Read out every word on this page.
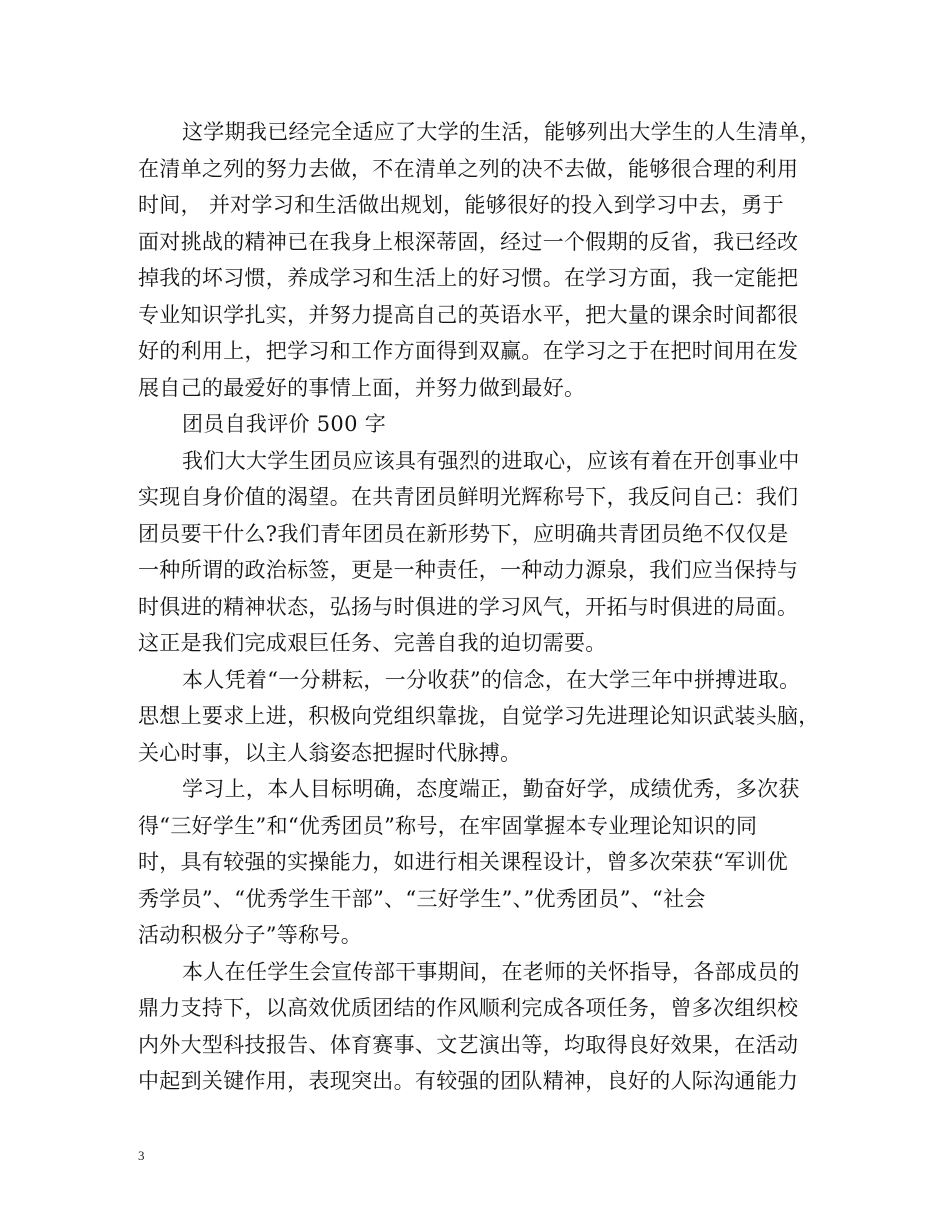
这学期我已经完全适应了大学的生活，能够列出大学生的人生清单，
在清单之列的努力去做，不在清单之列的决不去做，能够很合理的利用
时间， 并对学习和生活做出规划，能够很好的投入到学习中去，勇于
面对挑战的精神已在我身上根深蒂固，经过一个假期的反省，我已经改
掉我的坏习惯，养成学习和生活上的好习惯。在学习方面，我一定能把
专业知识学扎实，并努力提高自己的英语水平，把大量的课余时间都很
好的利用上，把学习和工作方面得到双赢。在学习之于在把时间用在发
展自己的最爱好的事情上面，并努力做到最好。
团员自我评价 500 字
我们大大学生团员应该具有强烈的进取心，应该有着在开创事业中
实现自身价值的渴望。在共青团员鲜明光辉称号下，我反问自己：我们
团员要干什么?我们青年团员在新形势下，应明确共青团员绝不仅仅是
一种所谓的政治标签，更是一种责任，一种动力源泉，我们应当保持与
时俱进的精神状态，弘扬与时俱进的学习风气，开拓与时俱进的局面。
这正是我们完成艰巨任务、完善自我的迫切需要。
本人凭着“一分耕耘，一分收获”的信念，在大学三年中拼搏进取。
思想上要求上进，积极向党组织靠拢，自觉学习先进理论知识武装头脑，
关心时事，以主人翁姿态把握时代脉搏。
学习上，本人目标明确，态度端正，勤奋好学，成绩优秀，多次获
得“三好学生”和“优秀团员”称号，在牢固掌握本专业理论知识的同
时，具有较强的实操能力，如进行相关课程设计，曾多次荣获“军训优
秀学员”、“优秀学生干部”、“三好学生”、”优秀团员”、“社会
活动积极分子”等称号。
本人在任学生会宣传部干事期间，在老师的关怀指导，各部成员的
鼎力支持下，以高效优质团结的作风顺利完成各项任务，曾多次组织校
内外大型科技报告、体育赛事、文艺演出等，均取得良好效果，在活动
中起到关键作用，表现突出。有较强的团队精神，良好的人际沟通能力
3
